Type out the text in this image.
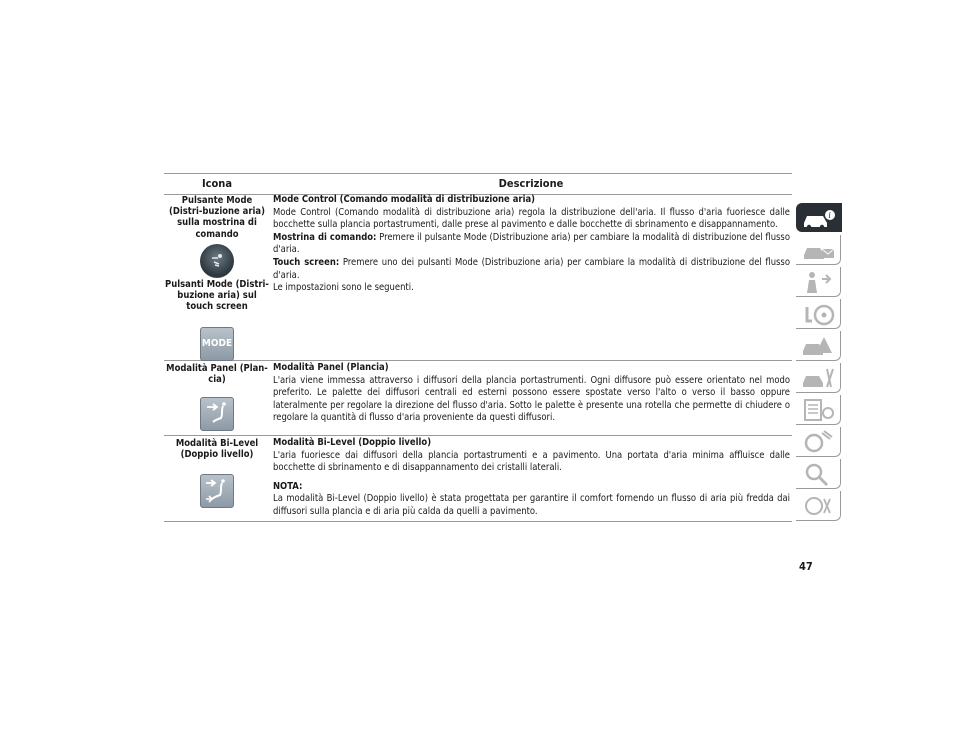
Icona	Descrizione
Pulsante Mode (Distri-buzione aria) sulla mostrina di comando
Pulsanti Mode (Distri-buzione aria) sul touch screen
MODE

Mode Control (Comando modalità di distribuzione aria)

Mode Control (Comando modalità di distribuzione aria) regola la distribuzione dell'aria. Il flusso d'aria fuoriesce dalle bocchette sulla plancia portastrumenti, dalle prese al pavimento e dalle bocchette di sbrinamento e disappannamento.

Mostrina di comando: Premere il pulsante Mode (Distribuzione aria) per cambiare la modalità di distribuzione del flusso d'aria.

Touch screen: Premere uno dei pulsanti Mode (Distribuzione aria) per cambiare la modalità di distribuzione del flusso d'aria.

Le impostazioni sono le seguenti.

Modalità Panel (Plan-cia)

Modalità Panel (Plancia)

L'aria viene immessa attraverso i diffusori della plancia portastrumenti. Ogni diffusore può essere orientato nel modo preferito. Le palette dei diffusori centrali ed esterni possono essere spostate verso l'alto o verso il basso oppure lateralmente per regolare la direzione del flusso d'aria. Sotto le palette è presente una rotella che permette di chiudere o regolare la quantità di flusso d'aria proveniente da questi diffusori.

Modalità Bi-Level (Doppio livello)

Modalità Bi-Level (Doppio livello)

L'aria fuoriesce dai diffusori della plancia portastrumenti e a pavimento. Una portata d'aria minima affluisce dalle bocchette di sbrinamento e di disappannamento dei cristalli laterali.

NOTA:

La modalità Bi-Level (Doppio livello) è stata progettata per garantire il comfort fornendo un flusso di aria più fredda dai diffusori sulla plancia e di aria più calda da quelli a pavimento.

47
i
